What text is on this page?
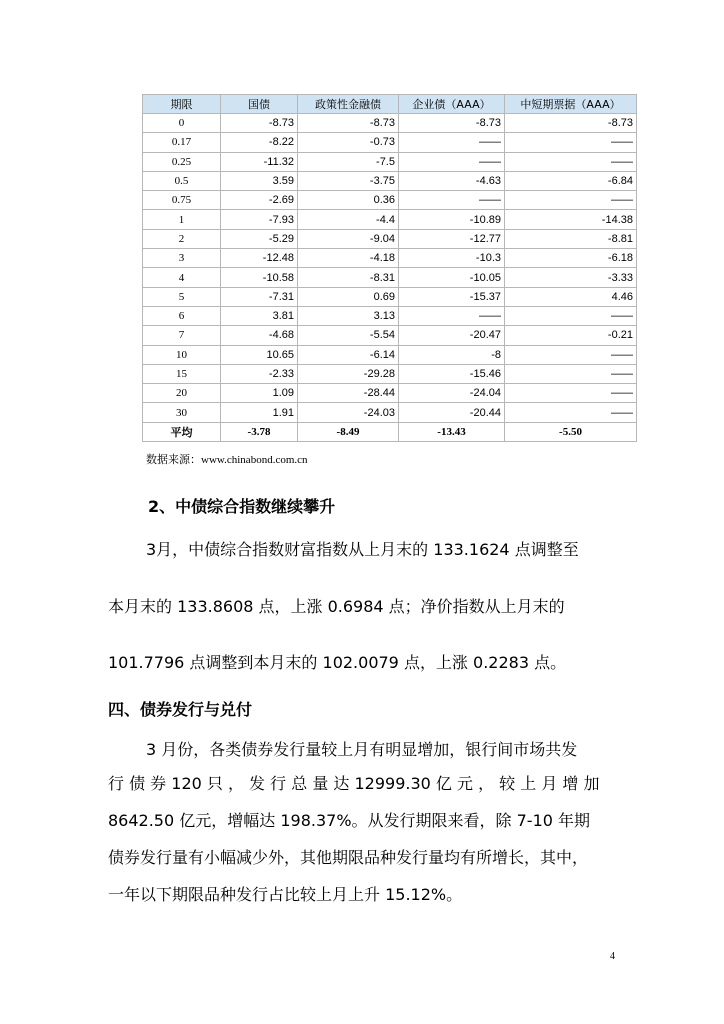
期限	国债	政策性金融债	企业债（AAA）	中短期票据（AAA）
0	-8.73	-8.73	-8.73	-8.73
0.17	-8.22	-0.73	——	——
0.25	-11.32	-7.5	——	——
0.5	3.59	-3.75	-4.63	-6.84
0.75	-2.69	0.36	——	——
1	-7.93	-4.4	-10.89	-14.38
2	-5.29	-9.04	-12.77	-8.81
3	-12.48	-4.18	-10.3	-6.18
4	-10.58	-8.31	-10.05	-3.33
5	-7.31	0.69	-15.37	4.46
6	3.81	3.13	——	——
7	-4.68	-5.54	-20.47	-0.21
10	10.65	-6.14	-8	——
15	-2.33	-29.28	-15.46	——
20	1.09	-28.44	-24.04	——
30	1.91	-24.03	-20.44	——
平均	-3.78	-8.49	-13.43	-5.50
数据来源：www.chinabond.com.cn
2、中债综合指数继续攀升
3月，中债综合指数财富指数从上月末的 133.1624 点调整至
本月末的 133.8608 点，上涨 0.6984 点；净价指数从上月末的
101.7796 点调整到本月末的 102.0079 点，上涨 0.2283 点。
四、债券发行与兑付
3 月份，各类债券发行量较上月有明显增加，银行间市场共发
行 债 券 120 只 ， 发 行 总 量 达 12999.30 亿 元 ， 较 上 月 增 加
8642.50 亿元，增幅达 198.37%。从发行期限来看，除 7-10 年期
债券发行量有小幅减少外，其他期限品种发行量均有所增长，其中，
一年以下期限品种发行占比较上月上升 15.12%。
4
